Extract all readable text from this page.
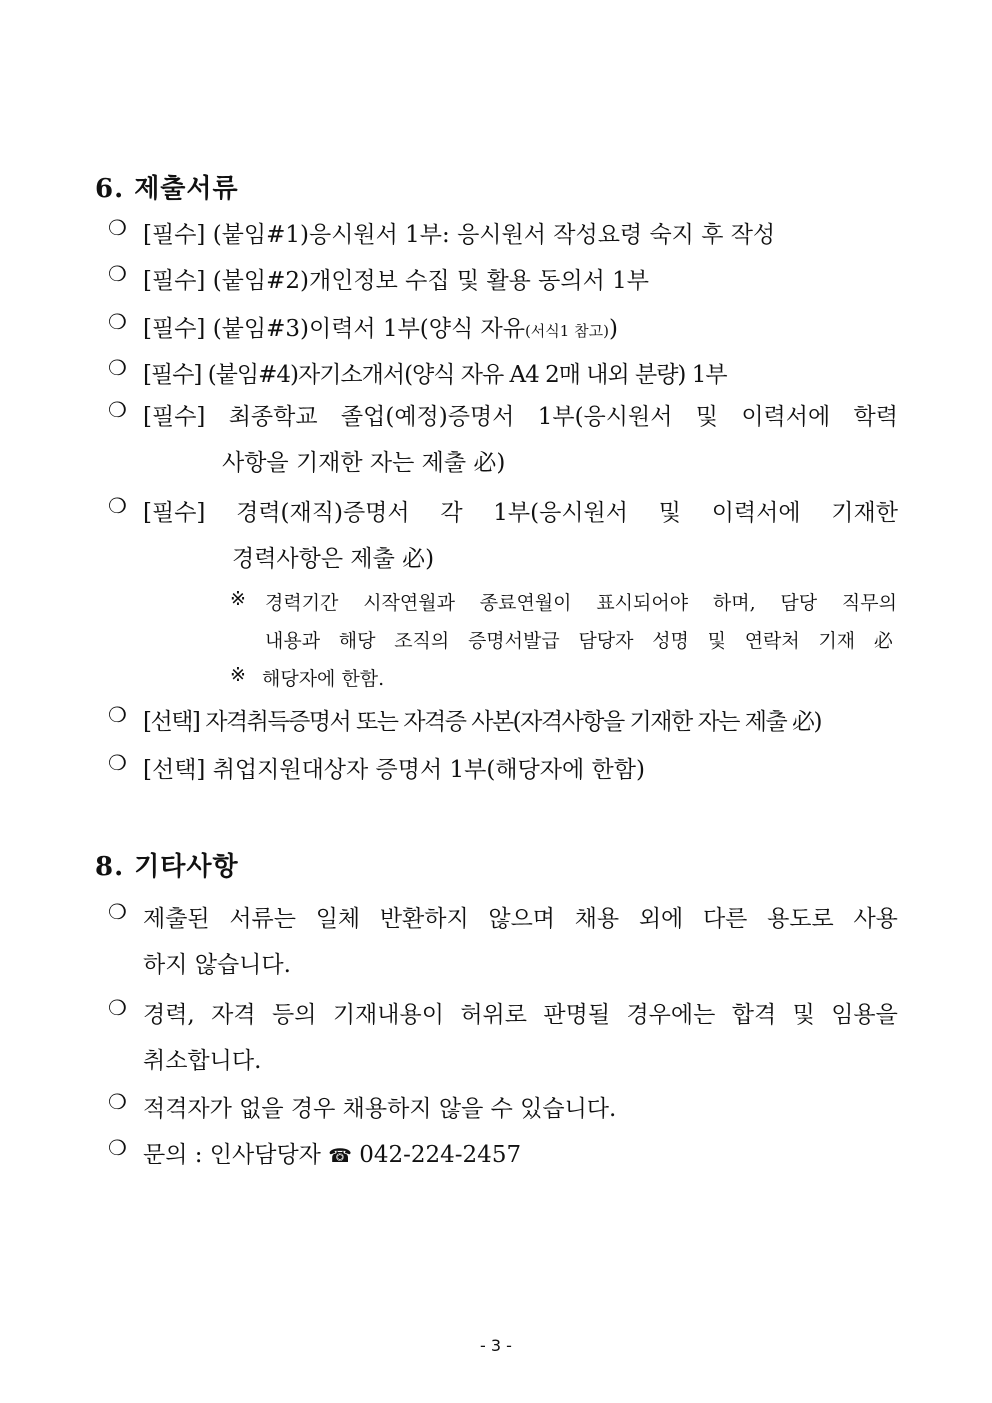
6. 제출서류
❍ [필수] (붙임#1)응시원서 1부: 응시원서 작성요령 숙지 후 작성
❍ [필수] (붙임#2)개인정보 수집 및 활용 동의서 1부
❍ [필수] (붙임#3)이력서 1부(양식 자유(서식1 참고))
❍ [필수] (붙임#4)자기소개서(양식 자유 A4 2매 내외 분량) 1부
❍ [필수] 최종학교 졸업(예정)증명서 1부(응시원서 및 이력서에 학력
사항을 기재한 자는 제출 必)
❍ [필수] 경력(재직)증명서 각 1부(응시원서 및 이력서에 기재한
경력사항은 제출 必)
※ 경력기간 시작연월과 종료연월이 표시되어야 하며, 담당 직무의
내용과 해당 조직의 증명서발급 담당자 성명 및 연락처 기재 必
※ 해당자에 한함.
❍ [선택] 자격취득증명서 또는 자격증 사본(자격사항을 기재한 자는 제출 必)
❍ [선택] 취업지원대상자 증명서 1부(해당자에 한함)
8. 기타사항
❍ 제출된 서류는 일체 반환하지 않으며 채용 외에 다른 용도로 사용
하지 않습니다.
❍ 경력, 자격 등의 기재내용이 허위로 판명될 경우에는 합격 및 임용을
취소합니다.
❍ 적격자가 없을 경우 채용하지 않을 수 있습니다.
❍ 문의 : 인사담당자 ☎ 042-224-2457
- 3 -
